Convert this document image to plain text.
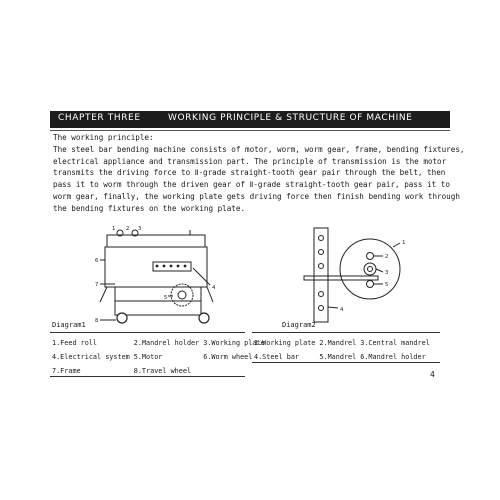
CHAPTER THREE	WORKING PRINCIPLE & STRUCTURE OF MACHINE
The working principle:
The steel bar bending machine consists of motor, worm, worm gear, frame, bending fixtures,
electrical appliance and transmission part. The principle of transmission is the motor
transmits the driving force to Ⅱ-grade straight-tooth gear pair through the belt, then
pass it to worm through the driven gear of Ⅱ-grade straight-tooth gear pair, pass it to
worm gear, finally, the working plate gets driving force then finish bending work through
the bending fixtures on the working plate.
1 2 3
4
5
6
7
8
1
2
3
4
5
Diagram1	Diagram2
1.Feed roll	2.Mandrel holder	3.Working plate
4.Electrical system	5.Motor	6.Worm wheel
7.Frame	8.Travel wheel	
1.Working plate	2.Mandrel	3.Central mandrel
4.Steel bar	5.Mandrel	6.Mandrel holder
4
